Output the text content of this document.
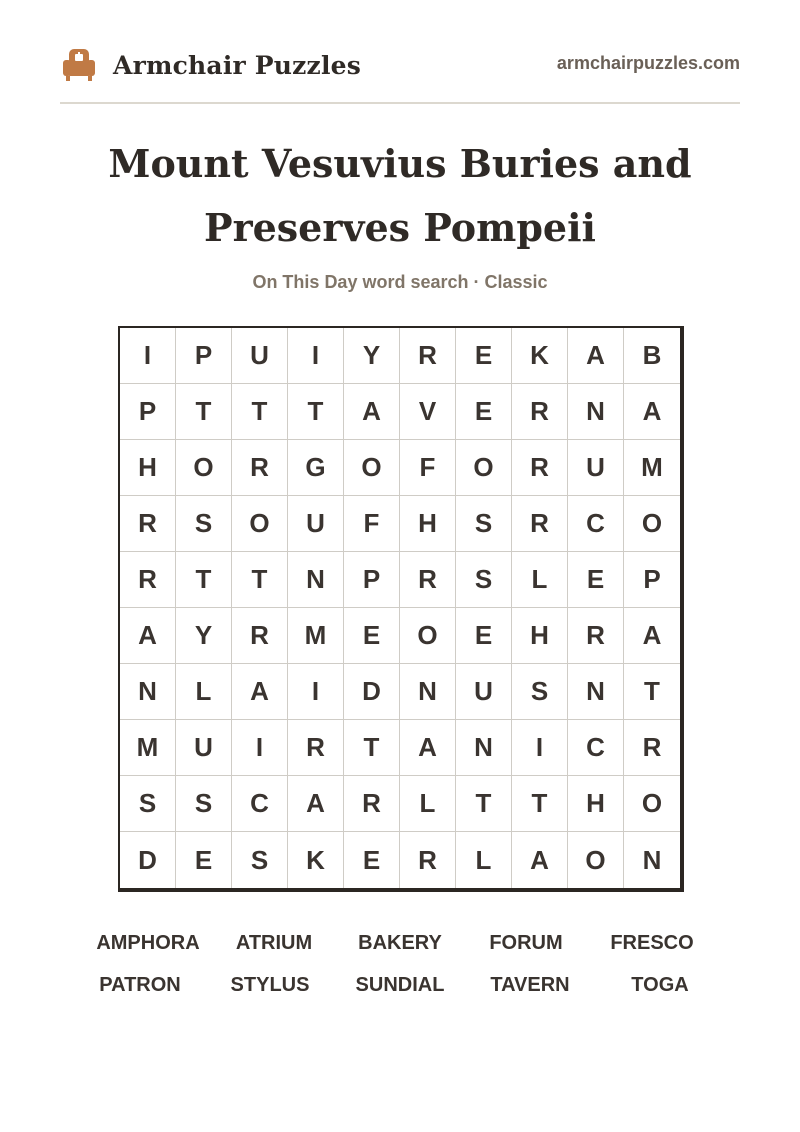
Armchair Puzzles	armchairpuzzles.com
Mount Vesuvius Buries and
Preserves Pompeii
On This Day word search · Classic
I	P	U	I	Y	R	E	K	A	B
P	T	T	T	A	V	E	R	N	A
H	O	R	G	O	F	O	R	U	M
R	S	O	U	F	H	S	R	C	O
R	T	T	N	P	R	S	L	E	P
A	Y	R	M	E	O	E	H	R	A
N	L	A	I	D	N	U	S	N	T
M	U	I	R	T	A	N	I	C	R
S	S	C	A	R	L	T	T	H	O
D	E	S	K	E	R	L	A	O	N
AMPHORA	ATRIUM	BAKERY	FORUM	FRESCO
PATRON	STYLUS	SUNDIAL	TAVERN	TOGA
